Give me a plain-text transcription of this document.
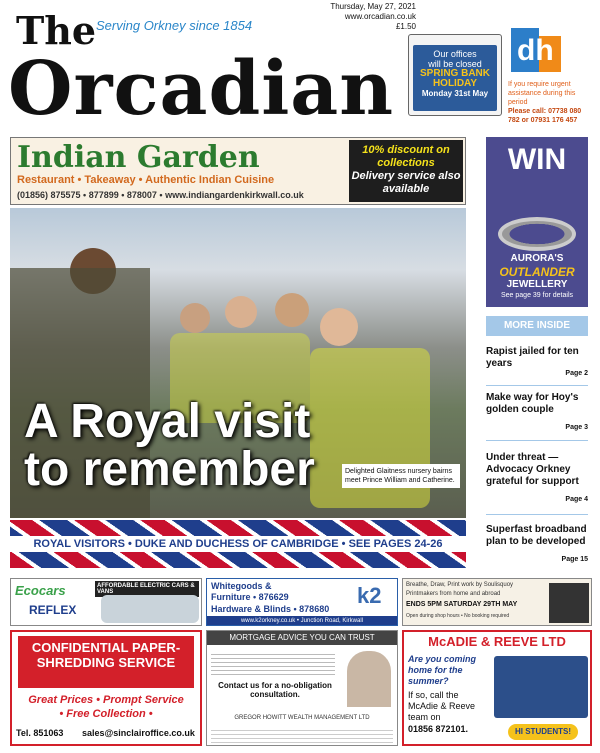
The Serving Orkney since 1854
Orcadian
Thursday, May 27, 2021
www.orcadian.co.uk
£1.50
Our offices
will be closed
SPRING BANK
HOLIDAY
Monday 31st May
dh
If you require urgent assistance during this period
Please call: 07738 080 782 or 07931 176 457
Indian Garden
Restaurant • Takeaway • Authentic Indian Cuisine
(01856) 875575 • 877899 • 878007 • www.indiangardenkirkwall.co.uk
10% discount on collections
Delivery service also available
A Royal visit to remember	Delighted Glaitness nursery bairns meet Prince William and Catherine.
ROYAL VISITORS • DUKE AND DUCHESS OF CAMBRIDGE • SEE PAGES 24-26
WIN
AURORA'S
OUTLANDER
JEWELLERY
See page 39 for details
MORE INSIDE
Rapist jailed for ten years
Page 2
Make way for Hoy's golden couple
Page 3
Under threat — Advocacy Orkney grateful for support
Page 4
Superfast broadband plan to be developed
Page 15
Ecocars
REFLEX
AFFORDABLE ELECTRIC CARS & VANS
Whitegoods &
Furniture • 876629
Hardware & Blinds • 878680
www.k2orkney.co.uk • Junction Road, Kirkwall
k2	Breathe, Draw, Print work by Soulisquoy
Printmakers from home and abroad
ENDS 5PM SATURDAY 29TH MAY
Open during shop hours • No booking required
CONFIDENTIAL PAPER-SHREDDING SERVICE
Great Prices • Prompt Service
• Free Collection •
Tel. 851063 sales@sinclairoffice.co.uk
MORTGAGE ADVICE YOU CAN TRUST
Contact us for a no-obligation consultation.
GREGOR HOWITT WEALTH MANAGEMENT LTD
McADIE & REEVE LTD
Are you coming home for the summer?
If so, call the McAdie & Reeve team on
01856 872101.	HI STUDENTS!
